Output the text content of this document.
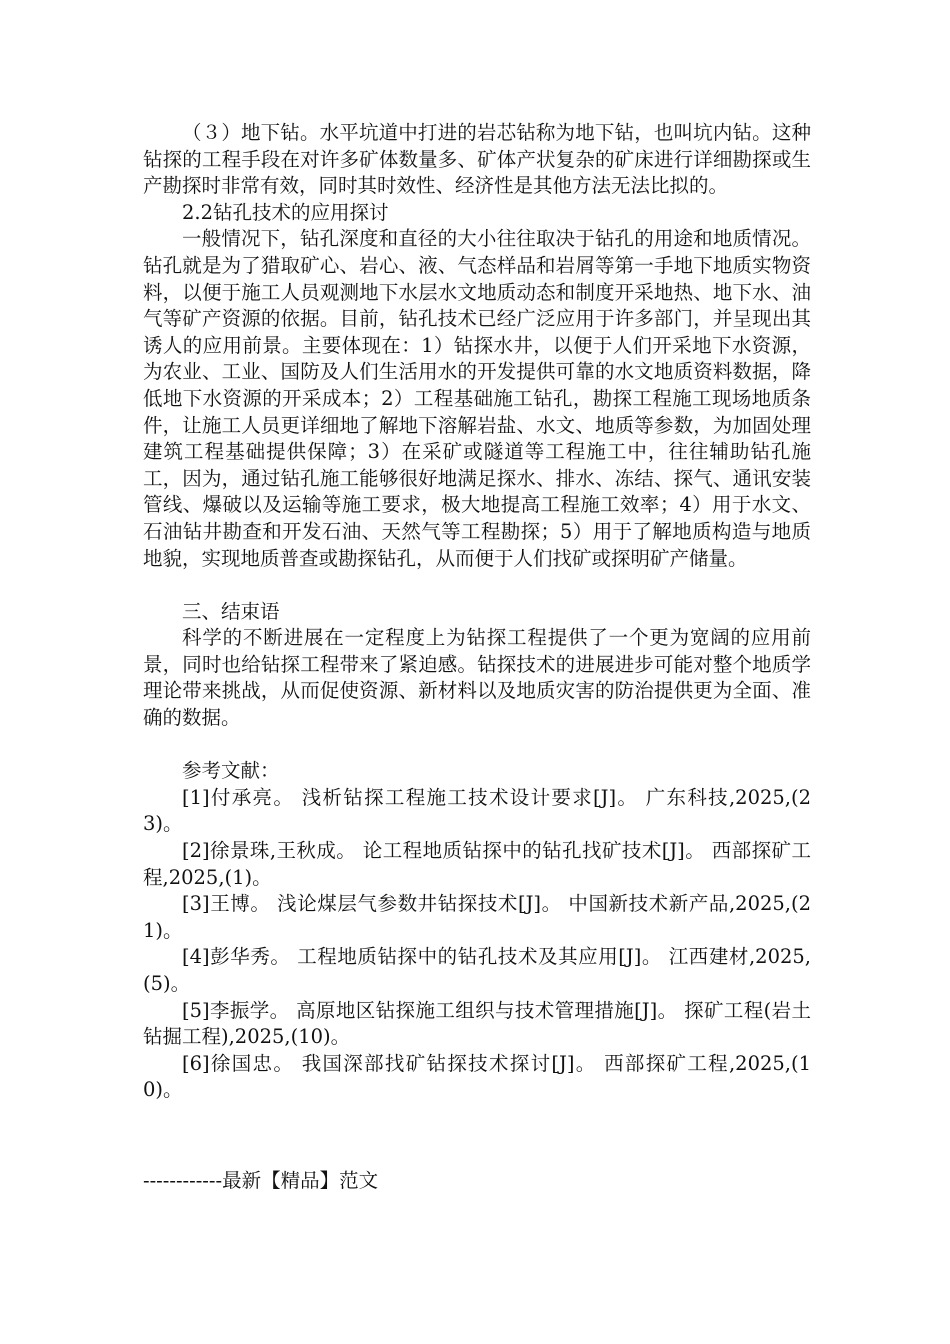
（３）地下钻。水平坑道中打进的岩芯钻称为地下钻，也叫坑内钻。这种钻探的工程手段在对许多矿体数量多、矿体产状复杂的矿床进行详细勘探或生产勘探时非常有效，同时其时效性、经济性是其他方法无法比拟的。

2.2钻孔技术的应用探讨

一般情况下，钻孔深度和直径的大小往往取决于钻孔的用途和地质情况。钻孔就是为了猎取矿心、岩心、液、气态样品和岩屑等第一手地下地质实物资料，以便于施工人员观测地下水层水文地质动态和制度开采地热、地下水、油气等矿产资源的依据。目前，钻孔技术已经广泛应用于许多部门，并呈现出其诱人的应用前景。主要体现在：1）钻探水井，以便于人们开采地下水资源，为农业、工业、国防及人们生活用水的开发提供可靠的水文地质资料数据，降低地下水资源的开采成本；2）工程基础施工钻孔，勘探工程施工现场地质条件，让施工人员更详细地了解地下溶解岩盐、水文、地质等参数，为加固处理建筑工程基础提供保障；3）在采矿或隧道等工程施工中，往往辅助钻孔施工，因为，通过钻孔施工能够很好地满足探水、排水、冻结、探气、通讯安装管线、爆破以及运输等施工要求，极大地提高工程施工效率；4）用于水文、石油钻井勘查和开发石油、天然气等工程勘探；5）用于了解地质构造与地质地貌，实现地质普查或勘探钻孔，从而便于人们找矿或探明矿产储量。

三、结束语

科学的不断进展在一定程度上为钻探工程提供了一个更为宽阔的应用前景，同时也给钻探工程带来了紧迫感。钻探技术的进展进步可能对整个地质学理论带来挑战，从而促使资源、新材料以及地质灾害的防治提供更为全面、准确的数据。

参考文献：

[1]付承亮。 浅析钻探工程施工技术设计要求[J]。 广东科技,2025,(23)。

[2]徐景珠,王秋成。 论工程地质钻探中的钻孔找矿技术[J]。 西部探矿工程,2025,(1)。

[3]王博。 浅论煤层气参数井钻探技术[J]。 中国新技术新产品,2025,(21)。

[4]彭华秀。 工程地质钻探中的钻孔技术及其应用[J]。 江西建材,2025,(5)。

[5]李振学。 高原地区钻探施工组织与技术管理措施[J]。 探矿工程(岩土钻掘工程),2025,(10)。

[6]徐国忠。 我国深部找矿钻探技术探讨[J]。 西部探矿工程,2025,(10)。

------------最新【精品】范文
